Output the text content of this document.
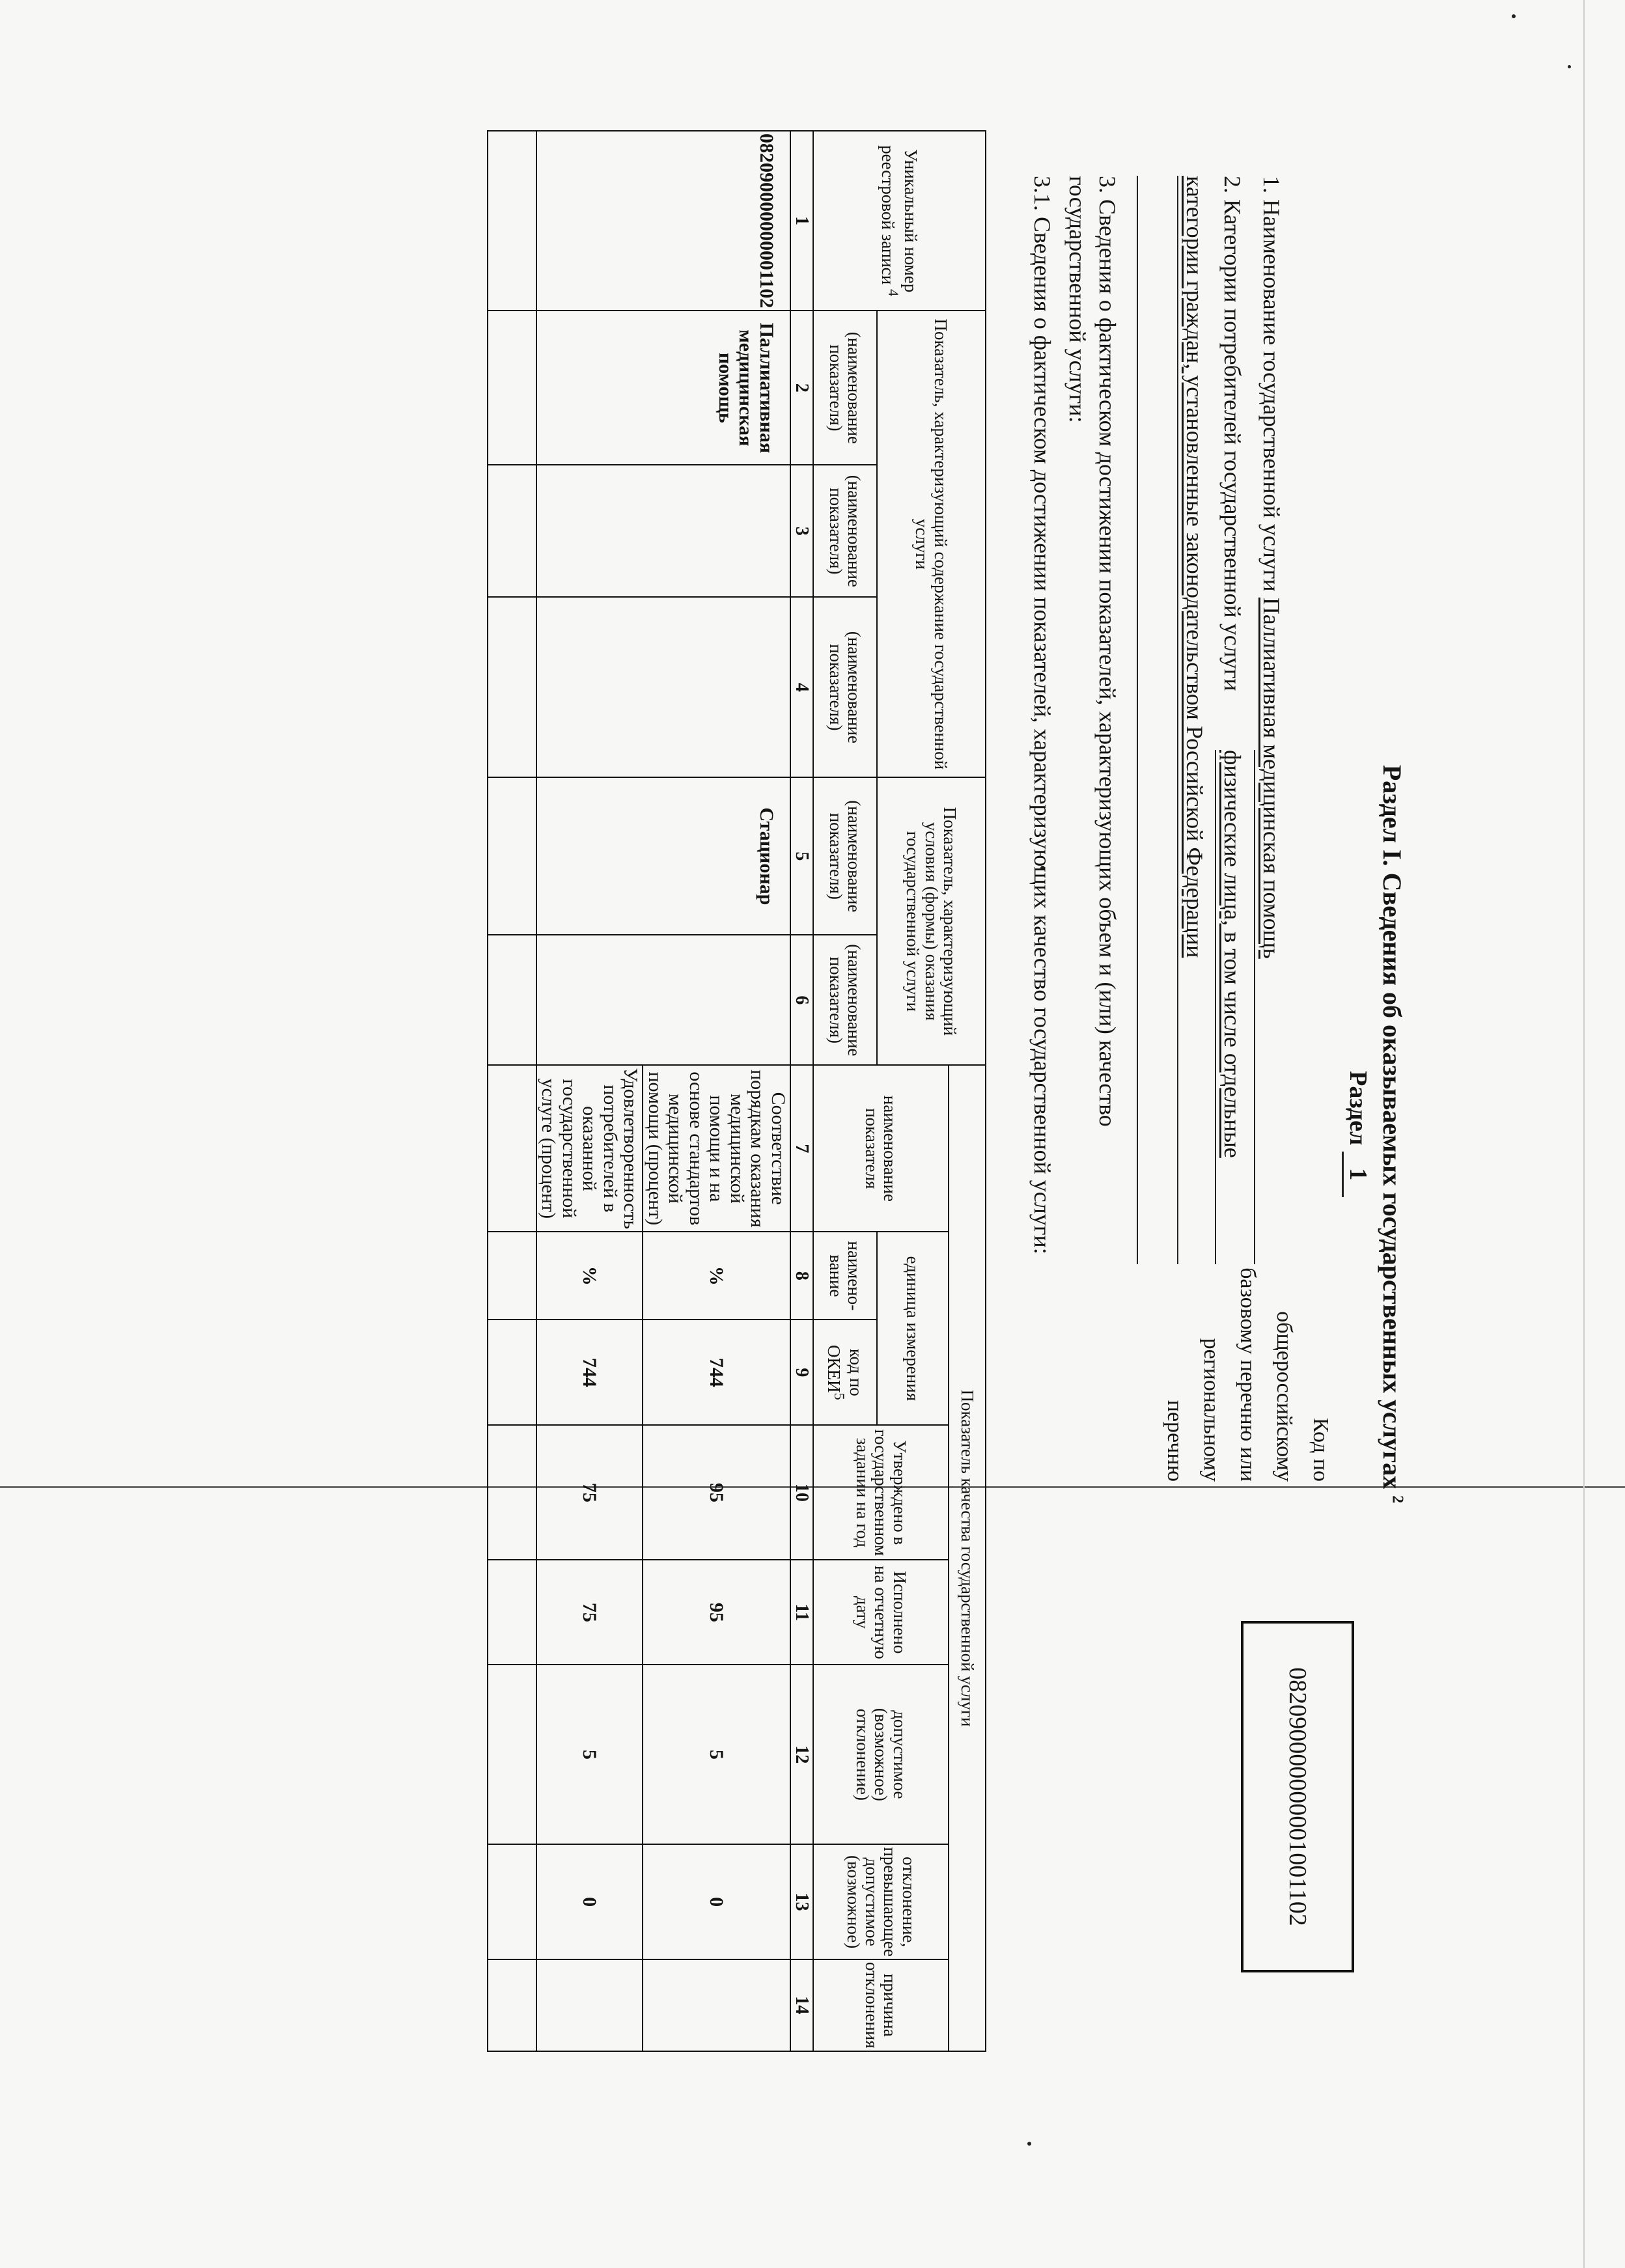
Раздел I. Сведения об оказываемых государственных услугах $^2$
Раздел 1
1. Наименование государственной услуги Паллиативная медицинская помощь
2. Категории потребителей государственной услуги
физические лица, в том числе отдельные
категории граждан, установленные законодательством Российской Федерации
3. Сведения о фактическом достижении показателей, характеризующих объем и (или) качество
государственной услуги:
3.1. Сведения о фактическом достижении показателей, характеризующих качество государственной услуги:
Код по общероссийскому базовому перечню или региональному перечню
082090000000001001102
Уникальный номер реестровой записи $^4$	Показатель, характеризующий содержание государственной услуги			Показатель, характеризующий условия (формы) оказания государственной услуги		Показатель качества государственной услуги							
						наименование показателя	единица измерения		Утверждено в государственном задании на год	Исполнено на отчетную дату	допустимое (возможное) отклонение)	отклонение, превышающее допустимое (возможное)	причина отклонения
	(наименование показателя)	(наименование показателя)	(наименование показателя)	(наименование показателя)	(наименование показателя)		наимено-вание	код по ОКЕИ$^5$
1	2	3	4	5	6	7	8	9	10	11	12	13	14
082090000000001102	Паллиативная медицинская помощь			Стационар		Соответствие порядкам оказания медицинской помощи и на основе стандартов медицинской помощи (процент)	%	744	95	95	5	0	
						Удовлетворенность потребителей в оказанной государственной услуге (процент)	%	744	75	75	5	0	
